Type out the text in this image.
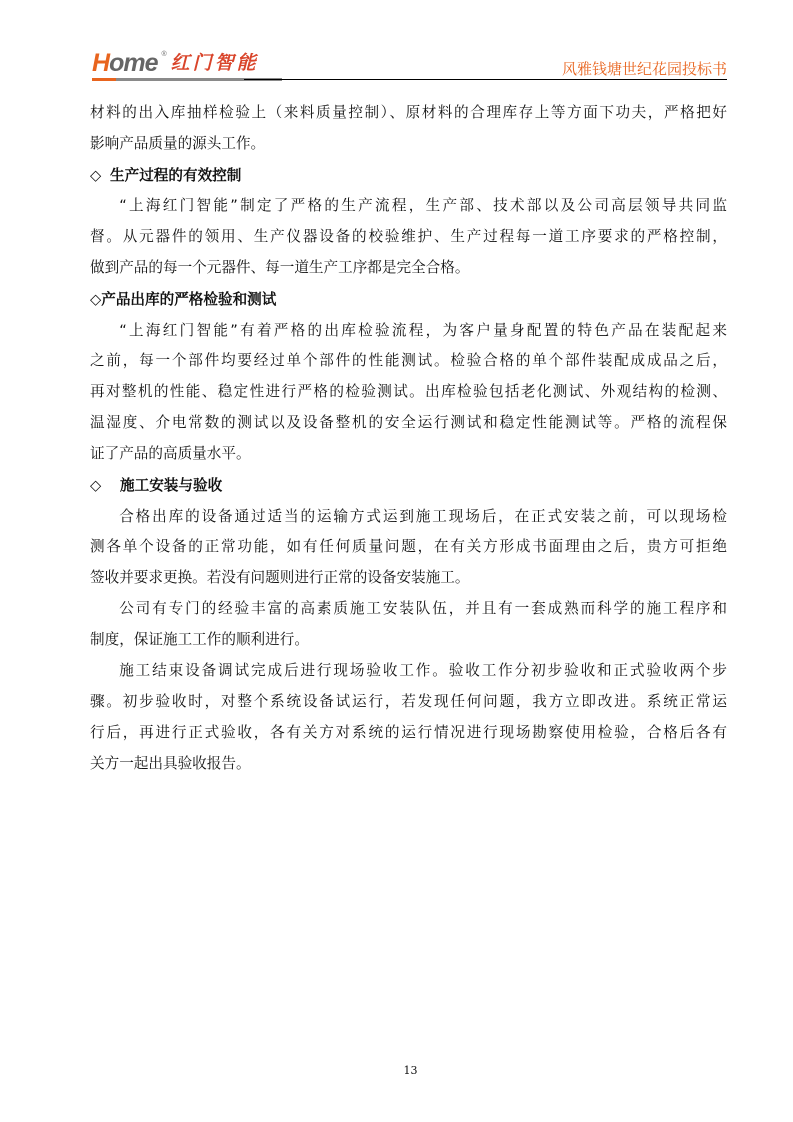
Home ® 红门智能	风雅钱塘世纪花园投标书
材料的出入库抽样检验上（来料质量控制）、原材料的合理库存上等方面下功夫，严格把好
影响产品质量的源头工作。
◇ 生产过程的有效控制
“上海红门智能”制定了严格的生产流程，生产部、技术部以及公司高层领导共同监
督。从元器件的领用、生产仪器设备的校验维护、生产过程每一道工序要求的严格控制，
做到产品的每一个元器件、每一道生产工序都是完全合格。
◇产品出库的严格检验和测试
“上海红门智能”有着严格的出库检验流程，为客户量身配置的特色产品在装配起来
之前，每一个部件均要经过单个部件的性能测试。检验合格的单个部件装配成成品之后，
再对整机的性能、稳定性进行严格的检验测试。出库检验包括老化测试、外观结构的检测、
温湿度、介电常数的测试以及设备整机的安全运行测试和稳定性能测试等。严格的流程保
证了产品的高质量水平。
◇ 施工安装与验收
合格出库的设备通过适当的运输方式运到施工现场后，在正式安装之前，可以现场检
测各单个设备的正常功能，如有任何质量问题，在有关方形成书面理由之后，贵方可拒绝
签收并要求更换。若没有问题则进行正常的设备安装施工。
公司有专门的经验丰富的高素质施工安装队伍，并且有一套成熟而科学的施工程序和
制度，保证施工工作的顺利进行。
施工结束设备调试完成后进行现场验收工作。验收工作分初步验收和正式验收两个步
骤。初步验收时，对整个系统设备试运行，若发现任何问题，我方立即改进。系统正常运
行后，再进行正式验收，各有关方对系统的运行情况进行现场勘察使用检验，合格后各有
关方一起出具验收报告。
13
